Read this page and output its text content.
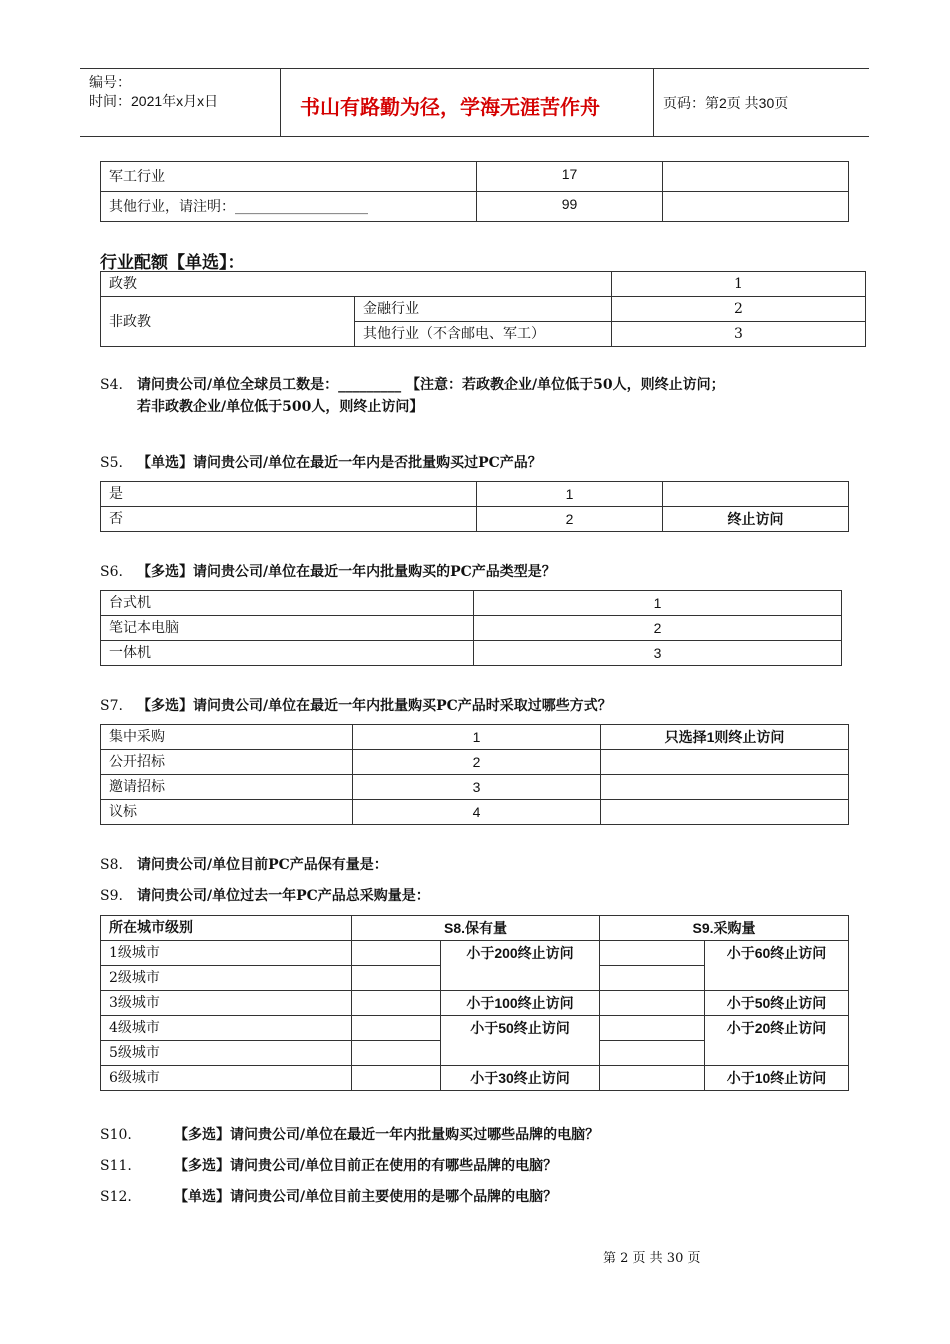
编号：
时间：2021年x月x日	书山有路勤为径，学海无涯苦作舟	页码：第2页 共30页
军工行业	17	
其他行业，请注明：___________________	99	
行业配额【单选】：
政教		1
非政教	金融行业	2
	其他行业（不含邮电、军工）	3
S4. 请问贵公司/单位全球员工数是：_________ 【注意：若政教企业/单位低于50人，则终止访问；
若非政教企业/单位低于500人，则终止访问】
S5. 【单选】请问贵公司/单位在最近一年内是否批量购买过PC产品？
是	1	
否	2	终止访问
S6. 【多选】请问贵公司/单位在最近一年内批量购买的PC产品类型是？
台式机	1
笔记本电脑	2
一体机	3
S7. 【多选】请问贵公司/单位在最近一年内批量购买PC产品时采取过哪些方式？
集中采购	1	只选择1则终止访问
公开招标	2	
邀请招标	3	
议标	4	
S8. 请问贵公司/单位目前PC产品保有量是：
S9. 请问贵公司/单位过去一年PC产品总采购量是：
所在城市级别	S8.保有量		S9.采购量	
1级城市		小于200终止访问		小于60终止访问
2级城市				
3级城市		小于100终止访问		小于50终止访问
4级城市		小于50终止访问		小于20终止访问
5级城市				
6级城市		小于30终止访问		小于10终止访问
S10.	【多选】请问贵公司/单位在最近一年内批量购买过哪些品牌的电脑？
S11.	【多选】请问贵公司/单位目前正在使用的有哪些品牌的电脑？
S12.	【单选】请问贵公司/单位目前主要使用的是哪个品牌的电脑？
第 2 页 共 30 页
